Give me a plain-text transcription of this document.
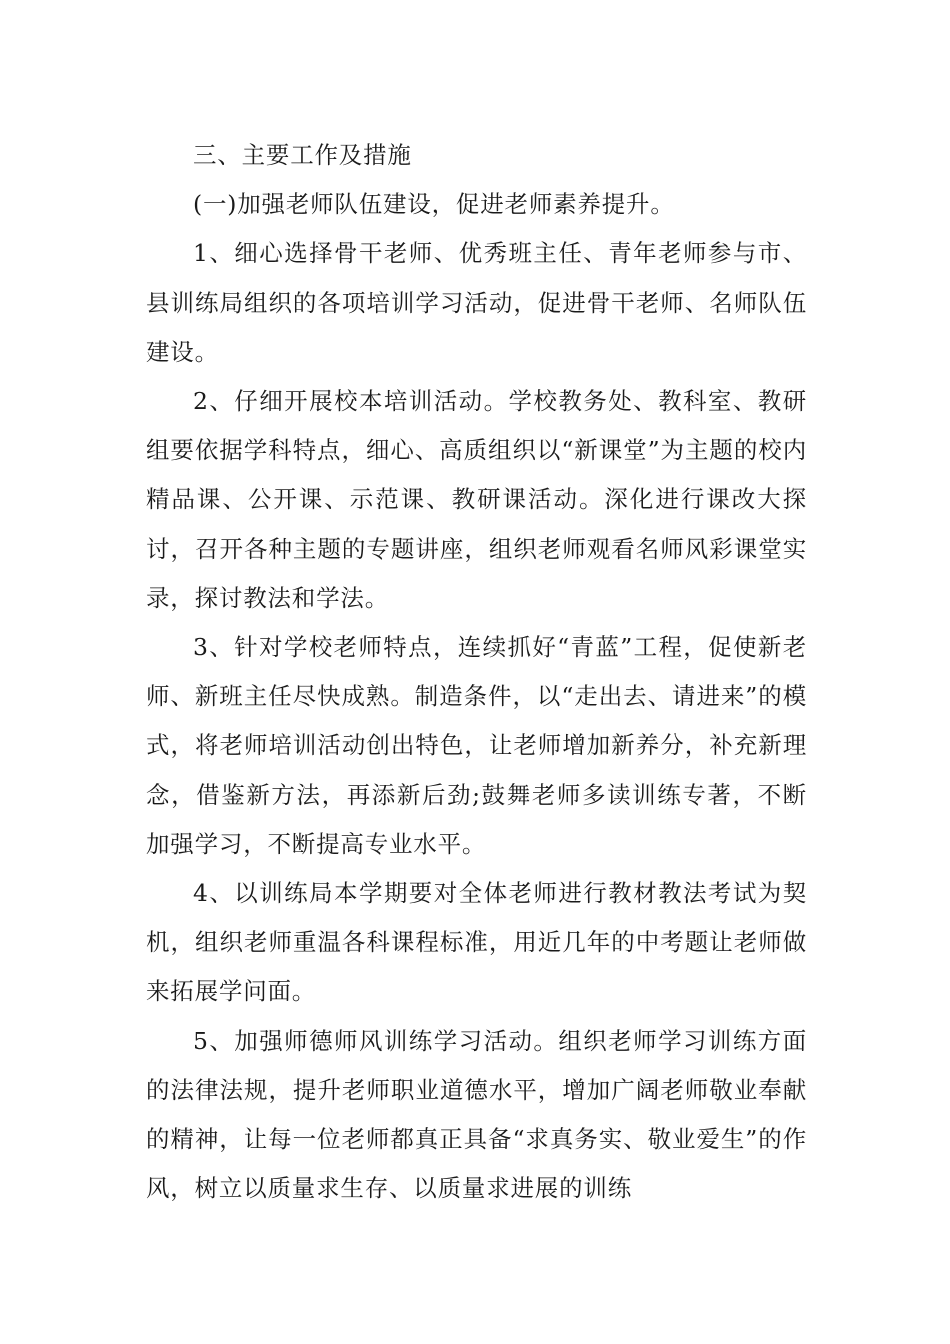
三、主要工作及措施

(一)加强老师队伍建设，促进老师素养提升。

1、细心选择骨干老师、优秀班主任、青年老师参与市、县训练局组织的各项培训学习活动，促进骨干老师、名师队伍建设。

2、仔细开展校本培训活动。学校教务处、教科室、教研组要依据学科特点，细心、高质组织以“新课堂”为主题的校内精品课、公开课、示范课、教研课活动。深化进行课改大探讨，召开各种主题的专题讲座，组织老师观看名师风彩课堂实录，探讨教法和学法。

3、针对学校老师特点，连续抓好“青蓝”工程，促使新老师、新班主任尽快成熟。制造条件，以“走出去、请进来”的模式，将老师培训活动创出特色，让老师增加新养分，补充新理念，借鉴新方法，再添新后劲;鼓舞老师多读训练专著，不断加强学习，不断提高专业水平。

4、以训练局本学期要对全体老师进行教材教法考试为契机，组织老师重温各科课程标准，用近几年的中考题让老师做来拓展学问面。

5、加强师德师风训练学习活动。组织老师学习训练方面的法律法规，提升老师职业道德水平，增加广阔老师敬业奉献的精神，让每一位老师都真正具备“求真务实、敬业爱生”的作风，树立以质量求生存、以质量求进展的训练
